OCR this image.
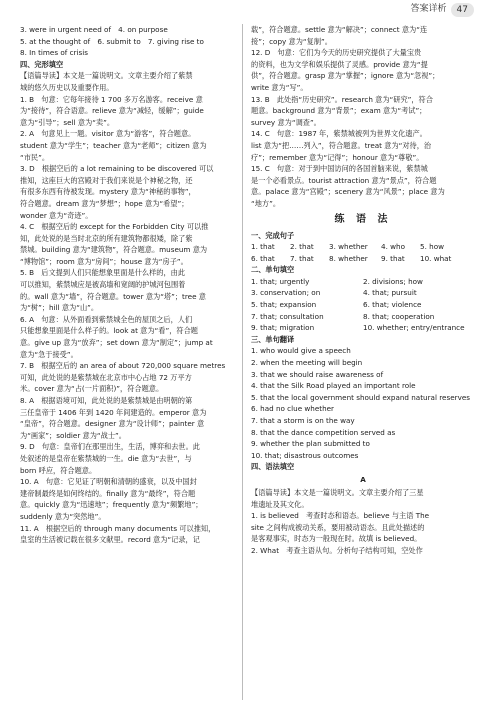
答案详析	47

3. were in urgent need of　4. on purpose

5. at the thought of　6. submit to　7. giving rise to

8. In times of crisis

四、完形填空

【语篇导读】本文是一篇说明文。文章主要介绍了紫禁

城的悠久历史以及重要作用。

1. B　句意：它每年接待 1 700 多万名游客。receive 意

为“接待”，符合语意。relieve 意为“减轻，缓解”；guide

意为“引导”；sell 意为“卖”。

2. A　句意见上一题。visitor 意为“游客”，符合题意。

student 意为“学生”；teacher 意为“老师”；citizen 意为

“市民”。

3. D　根据空后的 a lot remaining to be discovered 可以

推知，这座巨大的宫殿对于我们来说是个神秘之物，还

有很多东西有待被发现。mystery 意为“神秘的事物”，

符合题意。dream 意为“梦想”；hope 意为“希望”；

wonder 意为“奇迹”。

4. C　根据空后的 except for the Forbidden City 可以推

知，此处说的是当时北京的所有建筑物都很矮，除了紫

禁城。building 意为“建筑物”，符合题意。museum 意为

“博物馆”；room 意为“房间”；house 意为“房子”。

5. B　后文提到人们只能想象里面是什么样的，由此

可以推知，紫禁城应是被高墙和宽阔的护城河包围着

的。wall 意为“墙”，符合题意。tower 意为“塔”；tree 意

为“树”；hill 意为“山”。

6. A　句意：从外面看到紫禁城全色的屋顶之后，人们

只能想象里面是什么样子的。look at 意为“看”，符合题

意。give up 意为“放弃”；set down 意为“制定”；jump at

意为“急于接受”。

7. B　根据空后的 an area of about 720,000 square metres

可知，此处说的是紫禁城在北京市中心占地 72 万平方

米。cover 意为“占(一片面积)”，符合题意。

8. A　根据语境可知，此处说的是紫禁城是由明朝的第

三任皇帝于 1406 年到 1420 年间建造的。emperor 意为

“皇帝”，符合题意。designer 意为“设计师”；painter 意

为“画家”；soldier 意为“战士”。

9. D　句意：皇帝们在那里出生，生活，博弈和去世。此

处叙述的是皇帝在紫禁城的一生。die 意为“去世”，与

born 呼应，符合题意。

10. A　句意：它见证了明朝和清朝的盛衰，以及中国封

建帝制最终是如何终结的。finally 意为“最终”，符合题

意。quickly 意为“迅速地”；frequently 意为“频繁地”；

suddenly 意为“突然地”。

11. A　根据空后的 through many documents 可以推知，

皇室的生活被记载在很多文献里。record 意为“记录，记

载”，符合题意。settle 意为“解决”；connect 意为“连

接”；copy 意为“复制”。

12. D　句意：它们为今天的历史研究提供了大量宝贵

的资料，也为文学和娱乐提供了灵感。provide 意为“提

供”，符合题意。grasp 意为“掌握”；ignore 意为“忽视”；

write 意为“写”。

13. B　此处指“历史研究”。research 意为“研究”，符合

题意。background 意为“背景”；exam 意为“考试”；

survey 意为“调查”。

14. C　句意：1987 年，紫禁城被列为世界文化遗产。

list 意为“把……列入”，符合题意。treat 意为“对待，治

疗”；remember 意为“记得”；honour 意为“尊敬”。

15. C　句意：对于到中国访问的各国首脑来说，紫禁城

是一个必看景点。tourist attraction 意为“景点”，符合题

意。palace 意为“宫殿”；scenery 意为“风景”；place 意为

“地方”。

练 语 法

一、完成句子

1. that	2. that	3. whether	4. who	5. how
6. that	7. that	8. whether	9. that	10. what

二、单句填空

1. that; urgently	2. divisions; how
3. conservation; on	4. that; pursuit
5. that; expansion	6. that; violence
7. that; consultation	8. that; cooperation
9. that; migration	10. whether; entry/entrance

三、单句翻译

1. who would give a speech

2. when the meeting will begin

3. that we should raise awareness of

4. that the Silk Road played an important role

5. that the local government should expand natural reserves

6. had no clue whether

7. that a storm is on the way

8. that the dance competition served as

9. whether the plan submitted to

10. that; disastrous outcomes

四、语法填空

A

【语篇导读】本文是一篇说明文。文章主要介绍了三星

堆遗址及其文化。

1. is believed　考查时态和语态。believe 与主语 The

site 之间构成被动关系，要用被动语态。且此处描述的

是客观事实，时态为一般现在时。故填 is believed。

2. What　考查主语从句。分析句子结构可知，空处作
